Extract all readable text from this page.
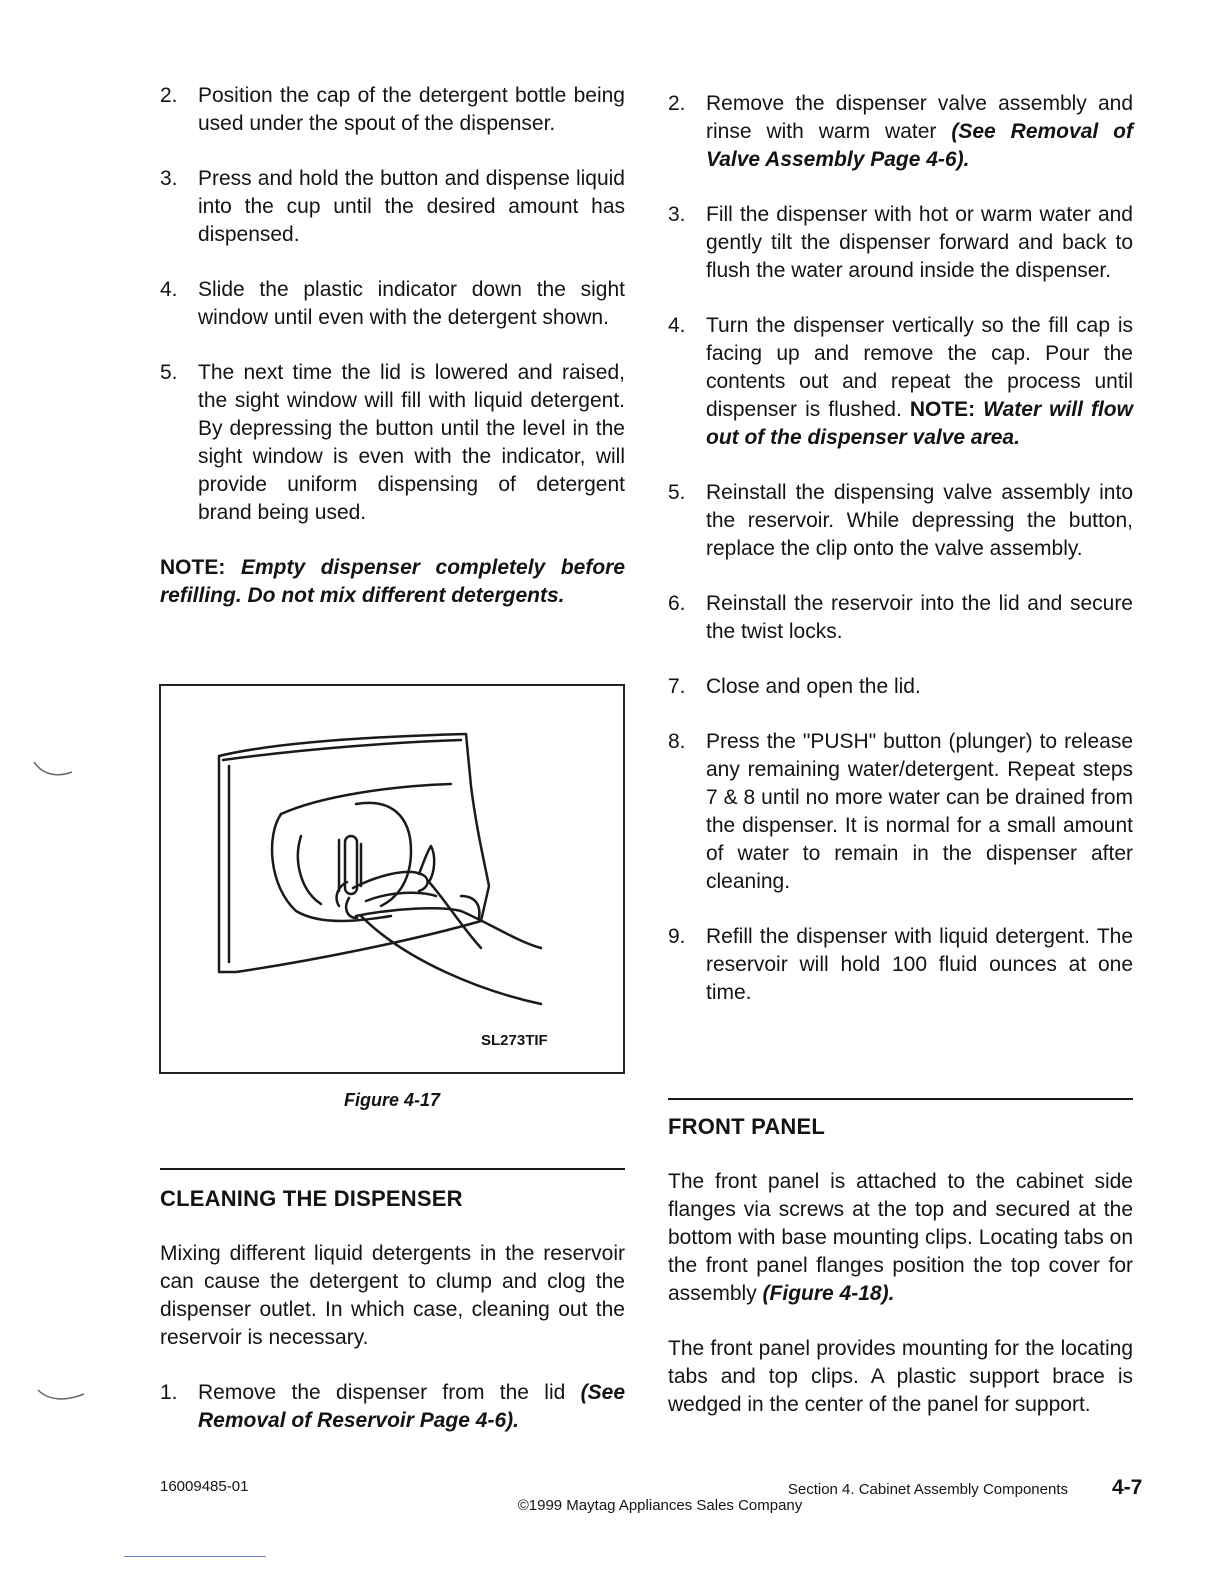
2. Position the cap of the detergent bottle being used under the spout of the dispenser.
3. Press and hold the button and dispense liquid into the cup until the desired amount has dispensed.
4. Slide the plastic indicator down the sight window until even with the detergent shown.
5. The next time the lid is lowered and raised, the sight window will fill with liquid detergent. By depressing the button until the level in the sight window is even with the indicator, will provide uniform dispensing of detergent brand being used.
NOTE: Empty dispenser completely before refilling. Do not mix different detergents.
SL273TIF
Figure 4-17
CLEANING THE DISPENSER

Mixing different liquid detergents in the reservoir can cause the detergent to clump and clog the dispenser outlet. In which case, cleaning out the reservoir is necessary.

1. Remove the dispenser from the lid (See Removal of Reservoir Page 4-6).
2. Remove the dispenser valve assembly and rinse with warm water (See Removal of Valve Assembly Page 4-6).
3. Fill the dispenser with hot or warm water and gently tilt the dispenser forward and back to flush the water around inside the dispenser.
4. Turn the dispenser vertically so the fill cap is facing up and remove the cap. Pour the contents out and repeat the process until dispenser is flushed. NOTE: Water will flow out of the dispenser valve area.
5. Reinstall the dispensing valve assembly into the reservoir. While depressing the button, replace the clip onto the valve assembly.
6. Reinstall the reservoir into the lid and secure the twist locks.
7. Close and open the lid.
8. Press the "PUSH" button (plunger) to release any remaining water/detergent. Repeat steps 7 & 8 until no more water can be drained from the dispenser. It is normal for a small amount of water to remain in the dispenser after cleaning.
9. Refill the dispenser with liquid detergent. The reservoir will hold 100 fluid ounces at one time.
FRONT PANEL

The front panel is attached to the cabinet side flanges via screws at the top and secured at the bottom with base mounting clips. Locating tabs on the front panel flanges position the top cover for assembly (Figure 4-18).

The front panel provides mounting for the locating tabs and top clips. A plastic support brace is wedged in the center of the panel for support.

16009485-01	Section 4. Cabinet Assembly Components 4-7
©1999 Maytag Appliances Sales Company
